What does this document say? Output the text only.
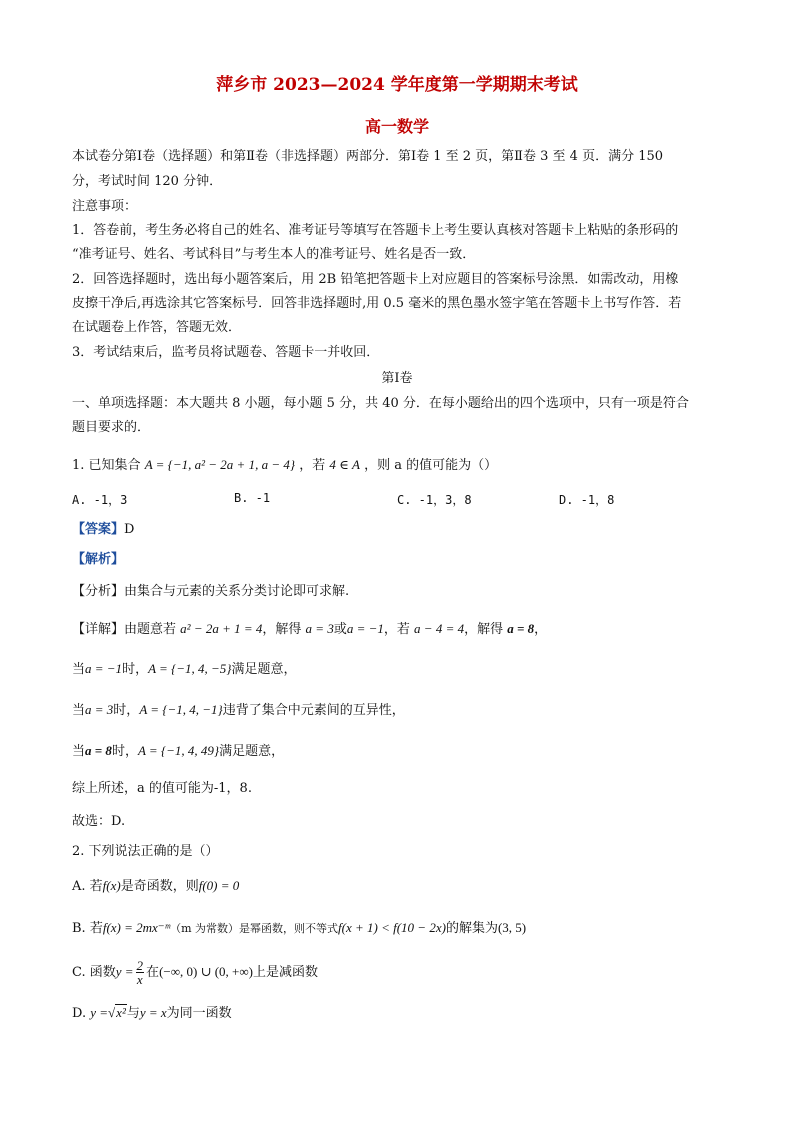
萍乡市 2023—2024 学年度第一学期期末考试
高一数学
本试卷分第Ⅰ卷（选择题）和第Ⅱ卷（非选择题）两部分．第Ⅰ卷 1 至 2 页，第Ⅱ卷 3 至 4 页．满分 150
分，考试时间 120 分钟．
注意事项：
1．答卷前，考生务必将自己的姓名、准考证号等填写在答题卡上考生要认真核对答题卡上粘贴的条形码的
“准考证号、姓名、考试科目”与考生本人的准考证号、姓名是否一致．
2．回答选择题时，选出每小题答案后，用 2B 铅笔把答题卡上对应题目的答案标号涂黑．如需改动，用橡
皮擦干净后,再选涂其它答案标号．回答非选择题时,用 0.5 毫米的黑色墨水签字笔在答题卡上书写作答．若
在试题卷上作答，答题无效．
3．考试结束后，监考员将试题卷、答题卡一并收回．
第Ⅰ卷
一、单项选择题：本大题共 8 小题，每小题 5 分，共 40 分．在每小题给出的四个选项中，只有一项是符合
题目要求的．
1. 已知集合 A = {−1, a² − 2a + 1, a − 4} ，若 4 ∈ A ，则 a 的值可能为（）
A. -1，3	B. -1	C. -1，3，8	D. -1，8
【答案】D
【解析】
【分析】由集合与元素的关系分类讨论即可求解.
【详解】由题意若 a² − 2a + 1 = 4，解得 a = 3或a = −1，若 a − 4 = 4，解得 a = 8，
当a = −1时，A = {−1, 4, −5}满足题意，
当a = 3时，A = {−1, 4, −1}违背了集合中元素间的互异性，
当a = 8时，A = {−1, 4, 49}满足题意，
综上所述，a 的值可能为-1，8.
故选：D.
2. 下列说法正确的是（）
A. 若f(x)是奇函数，则f(0) = 0
B. 若f(x) = 2mx⁻ᵐ（m 为常数）是幂函数，则不等式f(x + 1) < f(10 − 2x)的解集为(3, 5)
C. 函数$y = \frac{2}{x}$ 在(−∞, 0) ∪ (0, +∞)上是减函数
D. y =√x²与y = x为同一函数
